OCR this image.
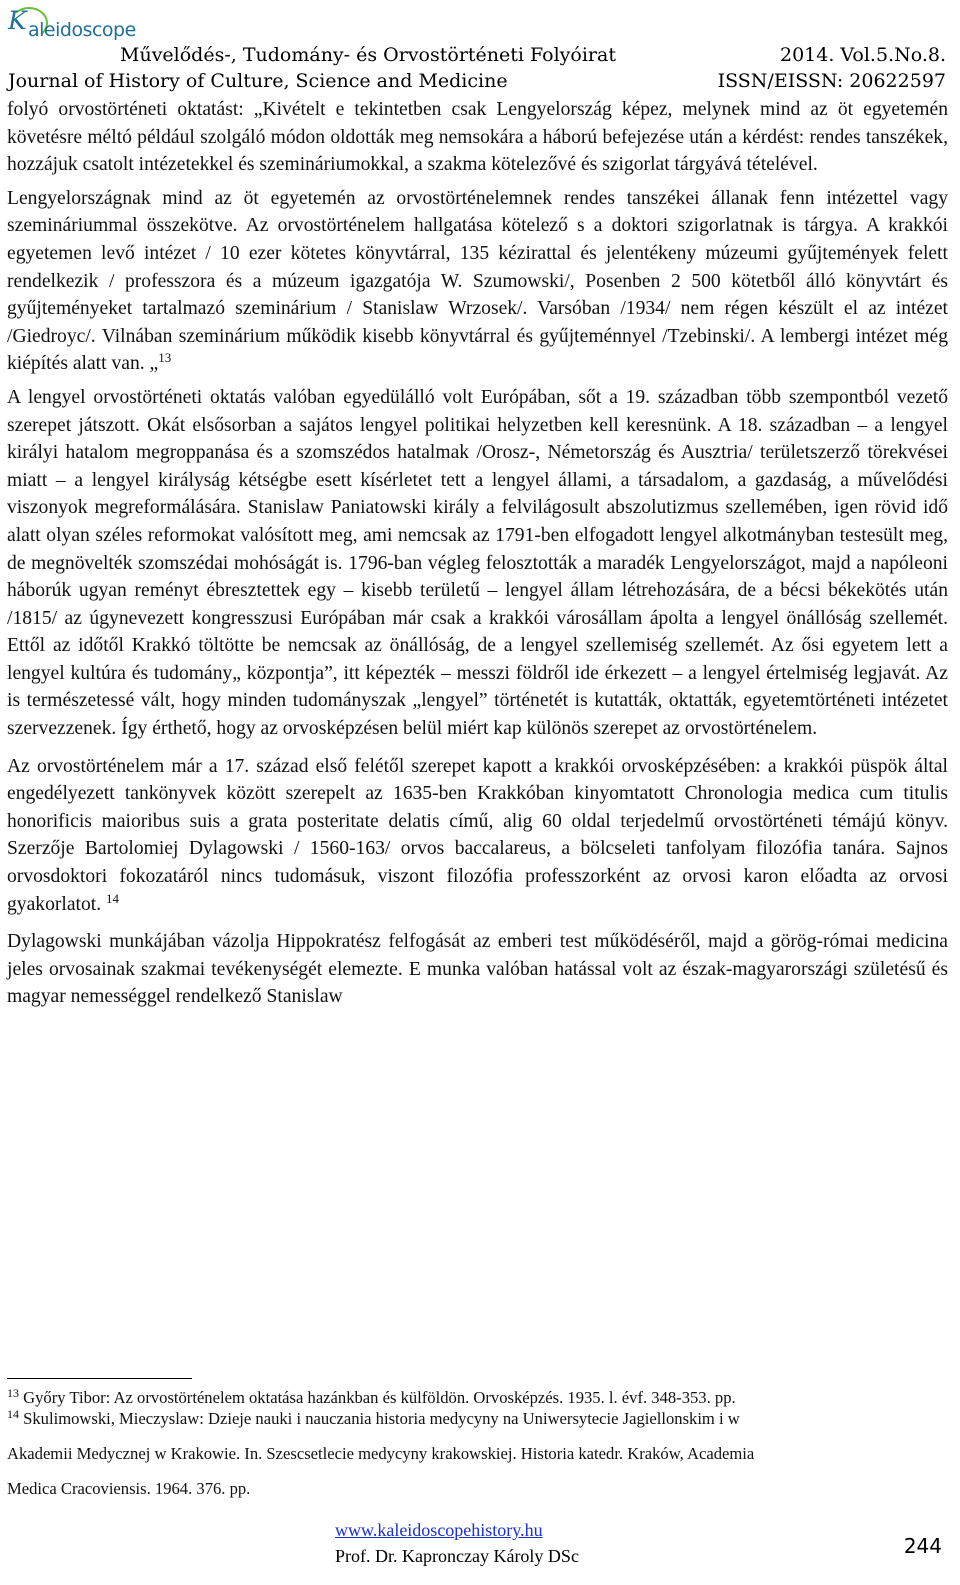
K aleidoscope
Művelődés-, Tudomány- és Orvostörténeti Folyóirat	2014. Vol.5.No.8.
Journal of History of Culture, Science and Medicine	ISSN/EISSN: 20622597

folyó orvostörténeti oktatást: „Kivételt e tekintetben csak Lengyelország képez, melynek mind az öt egyetemén követésre méltó például szolgáló módon oldották meg nemsokára a háború befejezése után a kérdést: rendes tanszékek, hozzájuk csatolt intézetekkel és szemináriumokkal, a szakma kötelezővé és szigorlat tárgyává tételével.

Lengyelországnak mind az öt egyetemén az orvostörténelemnek rendes tanszékei állanak fenn intézettel vagy szemináriummal összekötve. Az orvostörténelem hallgatása kötelező s a doktori szigorlatnak is tárgya. A krakkói egyetemen levő intézet / 10 ezer kötetes könyvtárral, 135 kézirattal és jelentékeny múzeumi gyűjtemények felett rendelkezik / professzora és a múzeum igazgatója W. Szumowski/, Posenben 2 500 kötetből álló könyvtárt és gyűjteményeket tartalmazó szeminárium / Stanislaw Wrzosek/. Varsóban /1934/ nem régen készült el az intézet /Giedroyc/. Vilnában szeminárium működik kisebb könyvtárral és gyűjteménnyel /Tzebinski/. A lembergi intézet még kiépítés alatt van. „$^{13}$

A lengyel orvostörténeti oktatás valóban egyedülálló volt Európában, sőt a 19. században több szempontból vezető szerepet játszott. Okát elsősorban a sajátos lengyel politikai helyzetben kell keresnünk. A 18. században – a lengyel királyi hatalom megroppanása és a szomszédos hatalmak /Orosz-, Németország és Ausztria/ területszerző törekvései miatt – a lengyel királyság kétségbe esett kísérletet tett a lengyel állami, a társadalom, a gazdaság, a művelődési viszonyok megreformálására. Stanislaw Paniatowski király a felvilágosult abszolutizmus szellemében, igen rövid idő alatt olyan széles reformokat valósított meg, ami nemcsak az 1791-ben elfogadott lengyel alkotmányban testesült meg, de megnövelték szomszédai mohóságát is. 1796-ban végleg felosztották a maradék Lengyelországot, majd a napóleoni háborúk ugyan reményt ébresztettek egy – kisebb területű – lengyel állam létrehozására, de a bécsi békekötés után /1815/ az úgynevezett kongresszusi Európában már csak a krakkói városállam ápolta a lengyel önállóság szellemét. Ettől az időtől Krakkó töltötte be nemcsak az önállóság, de a lengyel szellemiség szellemét. Az ősi egyetem lett a lengyel kultúra és tudomány„ központja”, itt képezték – messzi földről ide érkezett – a lengyel értelmiség legjavát. Az is természetessé vált, hogy minden tudományszak „lengyel” történetét is kutatták, oktatták, egyetemtörténeti intézetet szervezzenek. Így érthető, hogy az orvosképzésen belül miért kap különös szerepet az orvostörténelem.

Az orvostörténelem már a 17. század első felétől szerepet kapott a krakkói orvosképzésében: a krakkói püspök által engedélyezett tankönyvek között szerepelt az 1635-ben Krakkóban kinyomtatott Chronologia medica cum titulis honorificis maioribus suis a grata posteritate delatis című, alig 60 oldal terjedelmű orvostörténeti témájú könyv. Szerzője Bartolomiej Dylagowski / 1560-163/ orvos baccalareus, a bölcseleti tanfolyam filozófia tanára. Sajnos orvosdoktori fokozatáról nincs tudomásuk, viszont filozófia professzorként az orvosi karon előadta az orvosi gyakorlatot. $^{14}$

Dylagowski munkájában vázolja Hippokratész felfogását az emberi test működéséről, majd a görög-római medicina jeles orvosainak szakmai tevékenységét elemezte. E munka valóban hatással volt az észak-magyarországi születésű és magyar nemességgel rendelkező Stanislaw

$^{13}$ Győry Tibor: Az orvostörténelem oktatása hazánkban és külföldön. Orvosképzés. 1935. l. évf. 348-353. pp.
$^{14}$ Skulimowski, Mieczyslaw: Dzieje nauki i nauczania historia medycyny na Uniwersytecie Jagiellonskim i w
Akademii Medycznej w Krakowie. In. Szescsetlecie medycyny krakowskiej. Historia katedr. Kraków, Academia
Medica Cracoviensis. 1964. 376. pp.
www.kaleidoscopehistory.hu
Prof. Dr. Kapronczay Károly DSc	244
